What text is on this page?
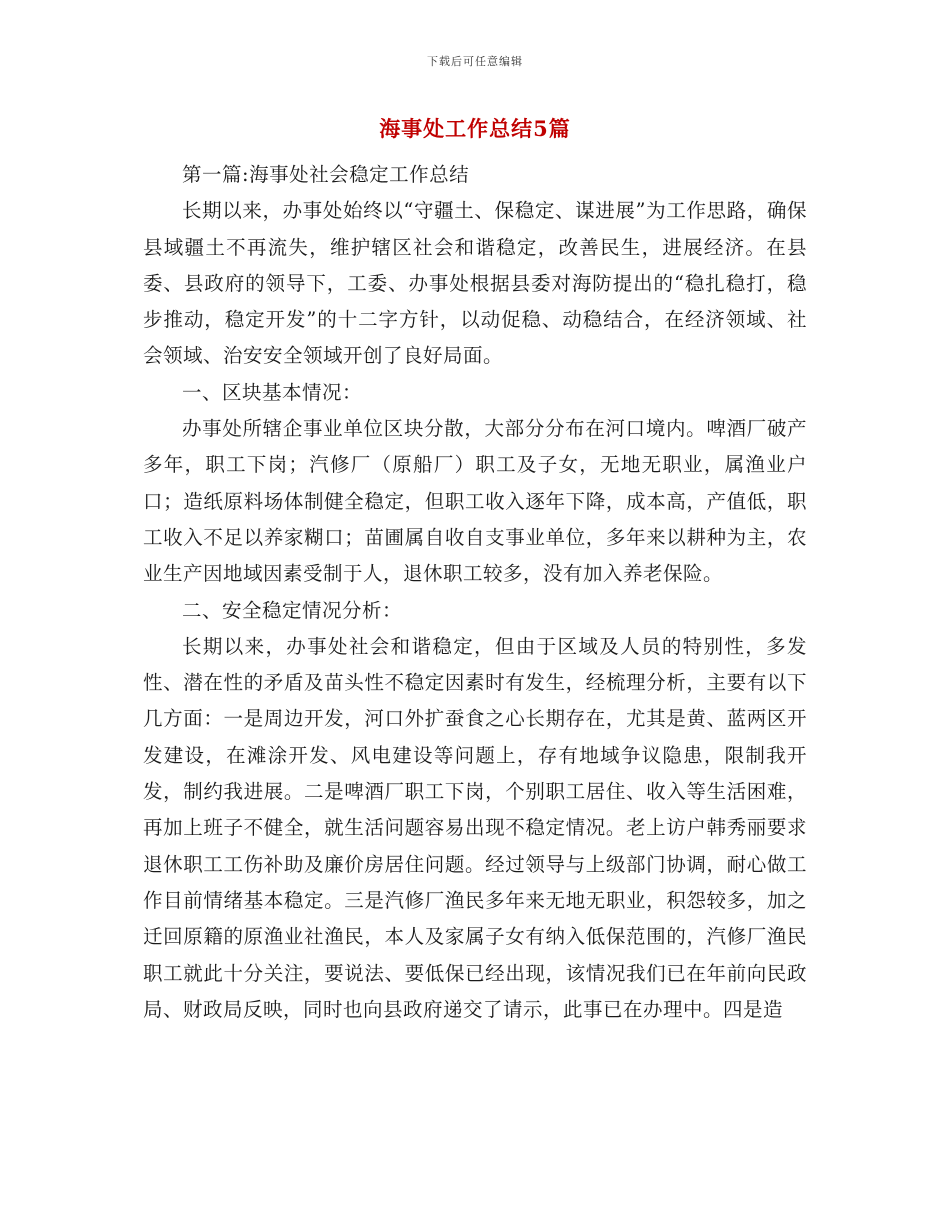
下载后可任意编辑
海事处工作总结5篇

第一篇:海事处社会稳定工作总结

长期以来，办事处始终以“守疆土、保稳定、谋进展”为工作思路，确保县域疆土不再流失，维护辖区社会和谐稳定，改善民生，进展经济。在县委、县政府的领导下，工委、办事处根据县委对海防提出的“稳扎稳打，稳步推动，稳定开发”的十二字方针，以动促稳、动稳结合，在经济领域、社会领域、治安安全领域开创了良好局面。

一、区块基本情况：

办事处所辖企事业单位区块分散，大部分分布在河口境内。啤酒厂破产多年，职工下岗；汽修厂（原船厂）职工及子女，无地无职业，属渔业户口；造纸原料场体制健全稳定，但职工收入逐年下降，成本高，产值低，职工收入不足以养家糊口；苗圃属自收自支事业单位，多年来以耕种为主，农业生产因地域因素受制于人，退休职工较多，没有加入养老保险。

二、安全稳定情况分析：

长期以来，办事处社会和谐稳定，但由于区域及人员的特别性，多发性、潜在性的矛盾及苗头性不稳定因素时有发生，经梳理分析，主要有以下几方面：一是周边开发，河口外扩蚕食之心长期存在，尤其是黄、蓝两区开发建设，在滩涂开发、风电建设等问题上，存有地域争议隐患，限制我开发，制约我进展。二是啤酒厂职工下岗，个别职工居住、收入等生活困难，再加上班子不健全，就生活问题容易出现不稳定情况。老上访户韩秀丽要求退休职工工伤补助及廉价房居住问题。经过领导与上级部门协调，耐心做工作目前情绪基本稳定。三是汽修厂渔民多年来无地无职业，积怨较多，加之迁回原籍的原渔业社渔民，本人及家属子女有纳入低保范围的，汽修厂渔民职工就此十分关注，要说法、要低保已经出现，该情况我们已在年前向民政局、财政局反映，同时也向县政府递交了请示，此事已在办理中。四是造
